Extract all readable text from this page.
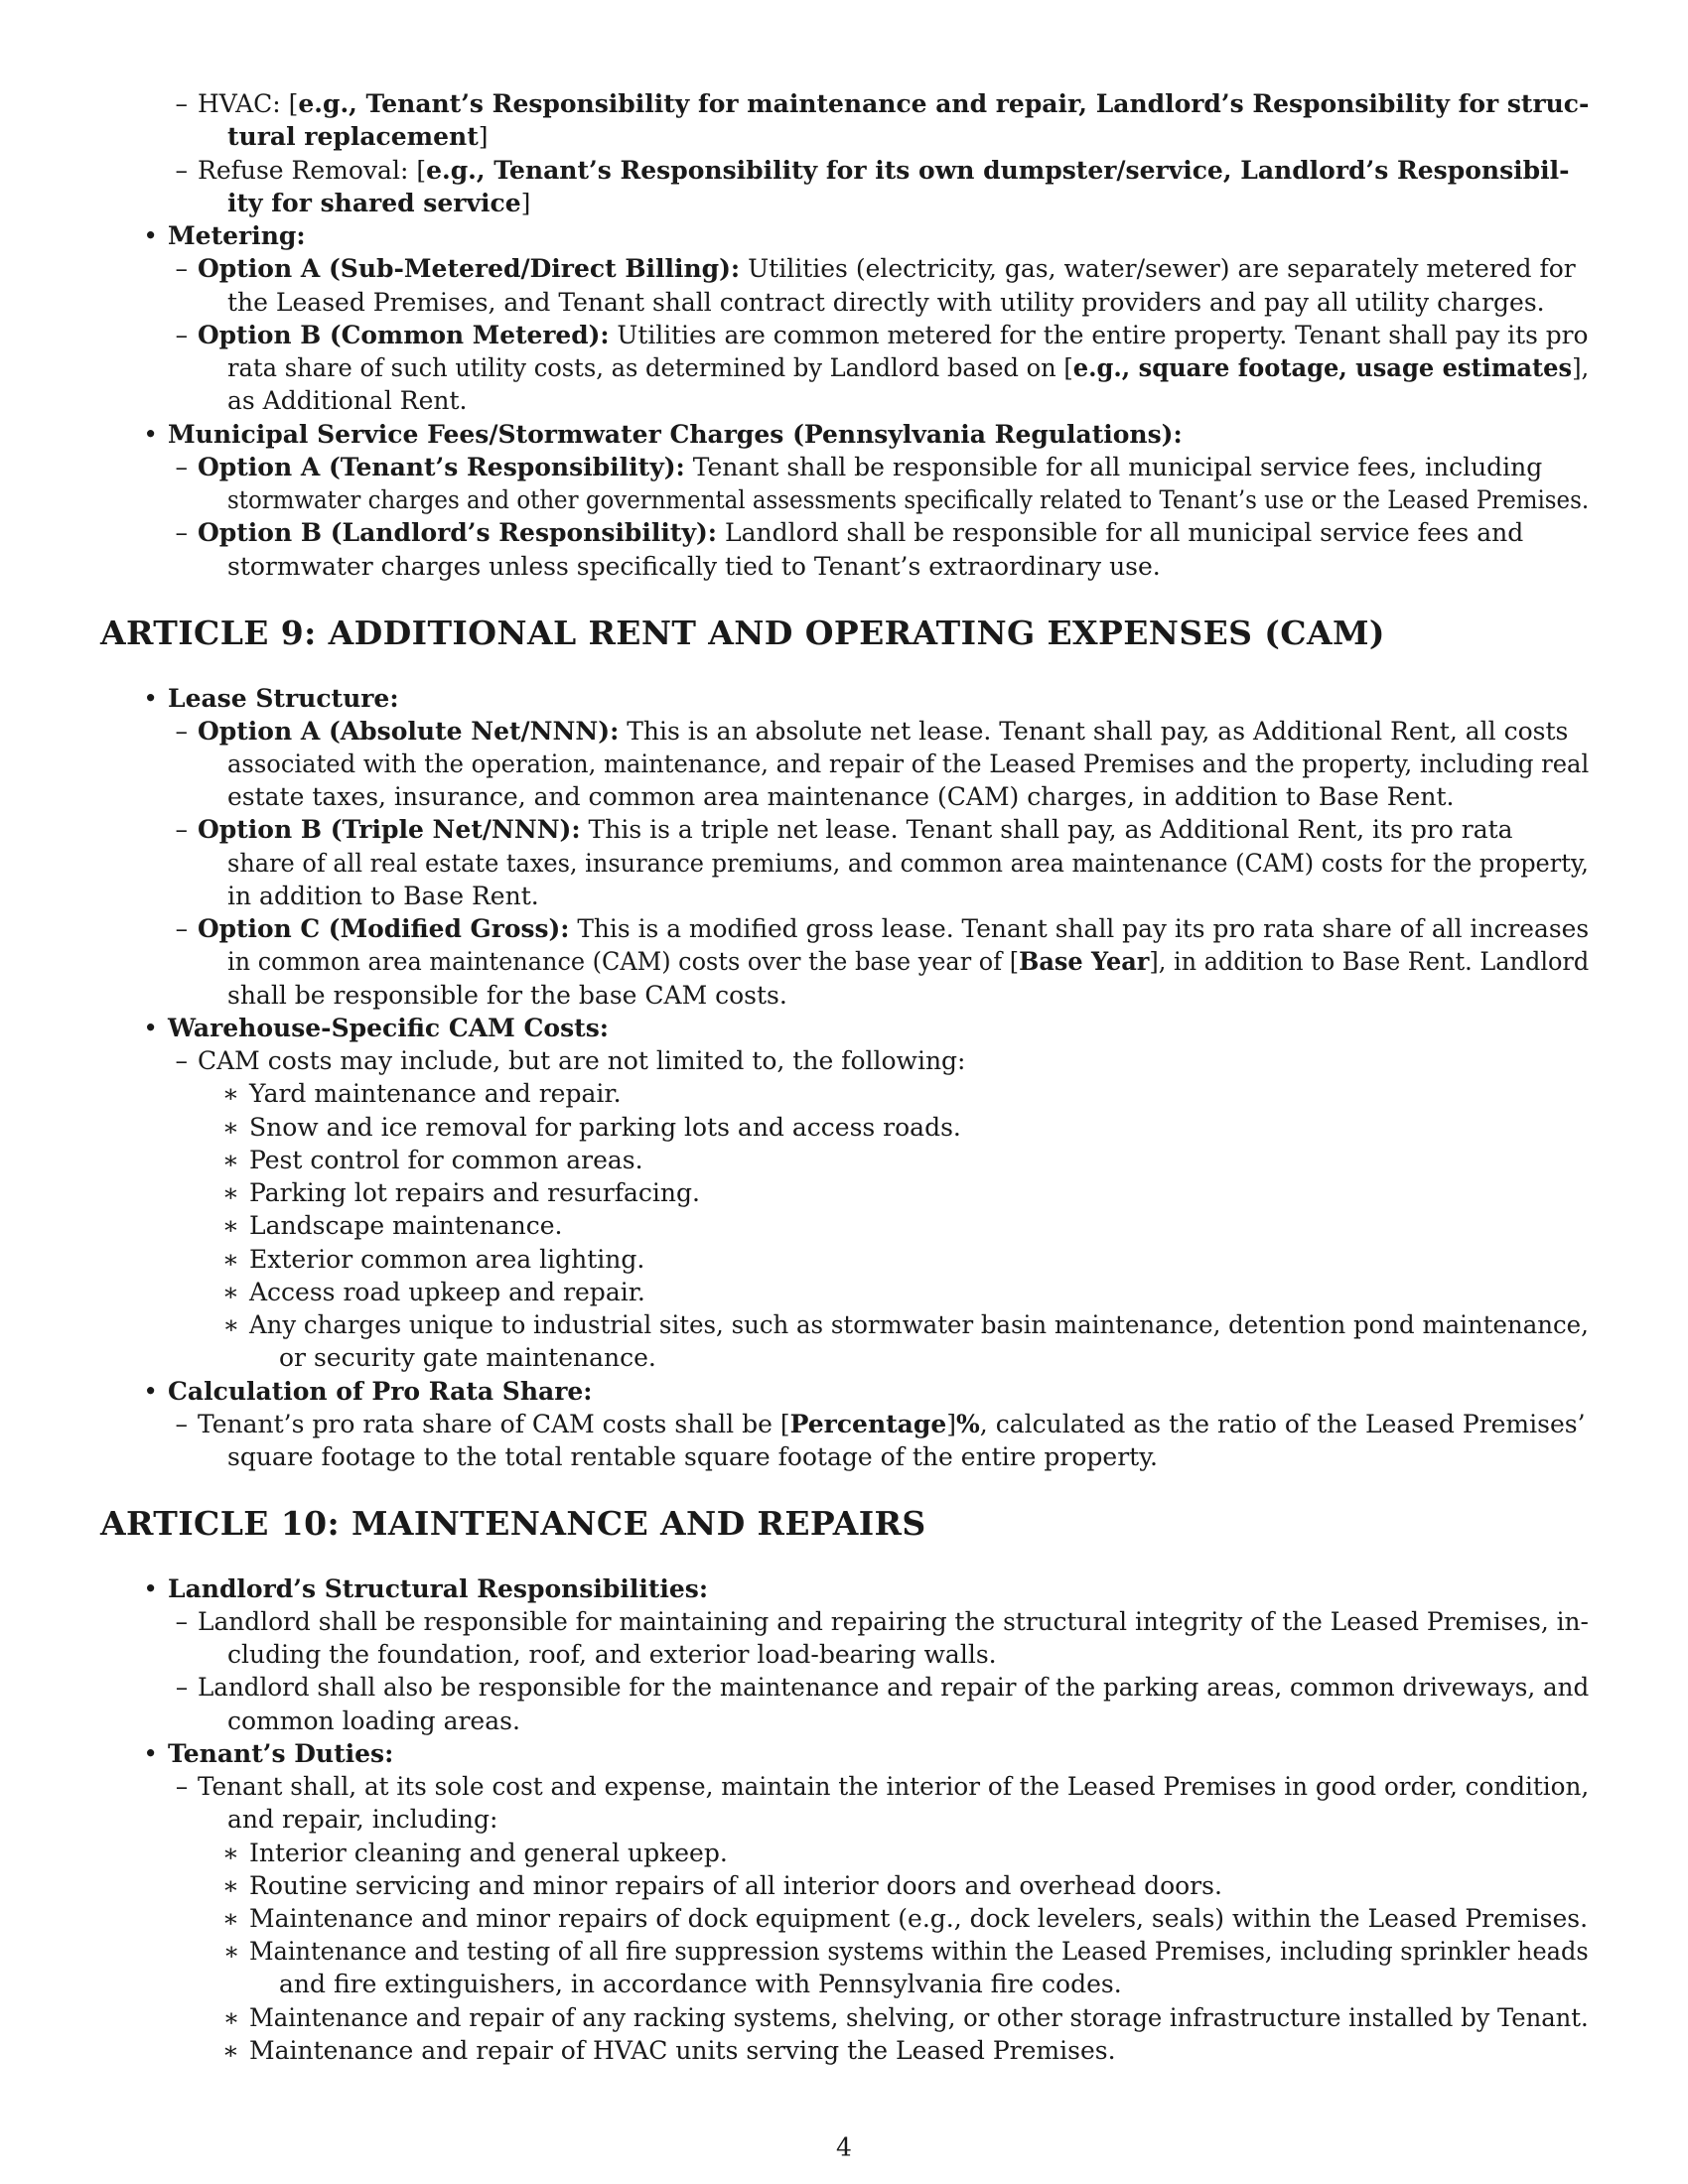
– HVAC: [e.g., Tenant’s Responsibility for maintenance and repair, Landlord’s Responsibility for struc-
tural replacement]
– Refuse Removal: [e.g., Tenant’s Responsibility for its own dumpster/service, Landlord’s Responsibil-
ity for shared service]
• Metering:
– Option A (Sub-Metered/Direct Billing): Utilities (electricity, gas, water/sewer) are separately metered for
the Leased Premises, and Tenant shall contract directly with utility providers and pay all utility charges.
– Option B (Common Metered): Utilities are common metered for the entire property. Tenant shall pay its pro
rata share of such utility costs, as determined by Landlord based on [e.g., square footage, usage estimates],
as Additional Rent.
• Municipal Service Fees/Stormwater Charges (Pennsylvania Regulations):
– Option A (Tenant’s Responsibility): Tenant shall be responsible for all municipal service fees, including
stormwater charges and other governmental assessments specifically related to Tenant’s use or the Leased Premises.
– Option B (Landlord’s Responsibility): Landlord shall be responsible for all municipal service fees and
stormwater charges unless specifically tied to Tenant’s extraordinary use.
ARTICLE 9: ADDITIONAL RENT AND OPERATING EXPENSES (CAM)
• Lease Structure:
– Option A (Absolute Net/NNN): This is an absolute net lease. Tenant shall pay, as Additional Rent, all costs
associated with the operation, maintenance, and repair of the Leased Premises and the property, including real
estate taxes, insurance, and common area maintenance (CAM) charges, in addition to Base Rent.
– Option B (Triple Net/NNN): This is a triple net lease. Tenant shall pay, as Additional Rent, its pro rata
share of all real estate taxes, insurance premiums, and common area maintenance (CAM) costs for the property,
in addition to Base Rent.
– Option C (Modified Gross): This is a modified gross lease. Tenant shall pay its pro rata share of all increases
in common area maintenance (CAM) costs over the base year of [Base Year], in addition to Base Rent. Landlord
shall be responsible for the base CAM costs.
• Warehouse-Specific CAM Costs:
– CAM costs may include, but are not limited to, the following:
∗ Yard maintenance and repair.
∗ Snow and ice removal for parking lots and access roads.
∗ Pest control for common areas.
∗ Parking lot repairs and resurfacing.
∗ Landscape maintenance.
∗ Exterior common area lighting.
∗ Access road upkeep and repair.
∗ Any charges unique to industrial sites, such as stormwater basin maintenance, detention pond maintenance,
or security gate maintenance.
• Calculation of Pro Rata Share:
– Tenant’s pro rata share of CAM costs shall be [Percentage]%, calculated as the ratio of the Leased Premises’
square footage to the total rentable square footage of the entire property.
ARTICLE 10: MAINTENANCE AND REPAIRS
• Landlord’s Structural Responsibilities:
– Landlord shall be responsible for maintaining and repairing the structural integrity of the Leased Premises, in-
cluding the foundation, roof, and exterior load-bearing walls.
– Landlord shall also be responsible for the maintenance and repair of the parking areas, common driveways, and
common loading areas.
• Tenant’s Duties:
– Tenant shall, at its sole cost and expense, maintain the interior of the Leased Premises in good order, condition,
and repair, including:
∗ Interior cleaning and general upkeep.
∗ Routine servicing and minor repairs of all interior doors and overhead doors.
∗ Maintenance and minor repairs of dock equipment (e.g., dock levelers, seals) within the Leased Premises.
∗ Maintenance and testing of all fire suppression systems within the Leased Premises, including sprinkler heads
and fire extinguishers, in accordance with Pennsylvania fire codes.
∗ Maintenance and repair of any racking systems, shelving, or other storage infrastructure installed by Tenant.
∗ Maintenance and repair of HVAC units serving the Leased Premises.
4
